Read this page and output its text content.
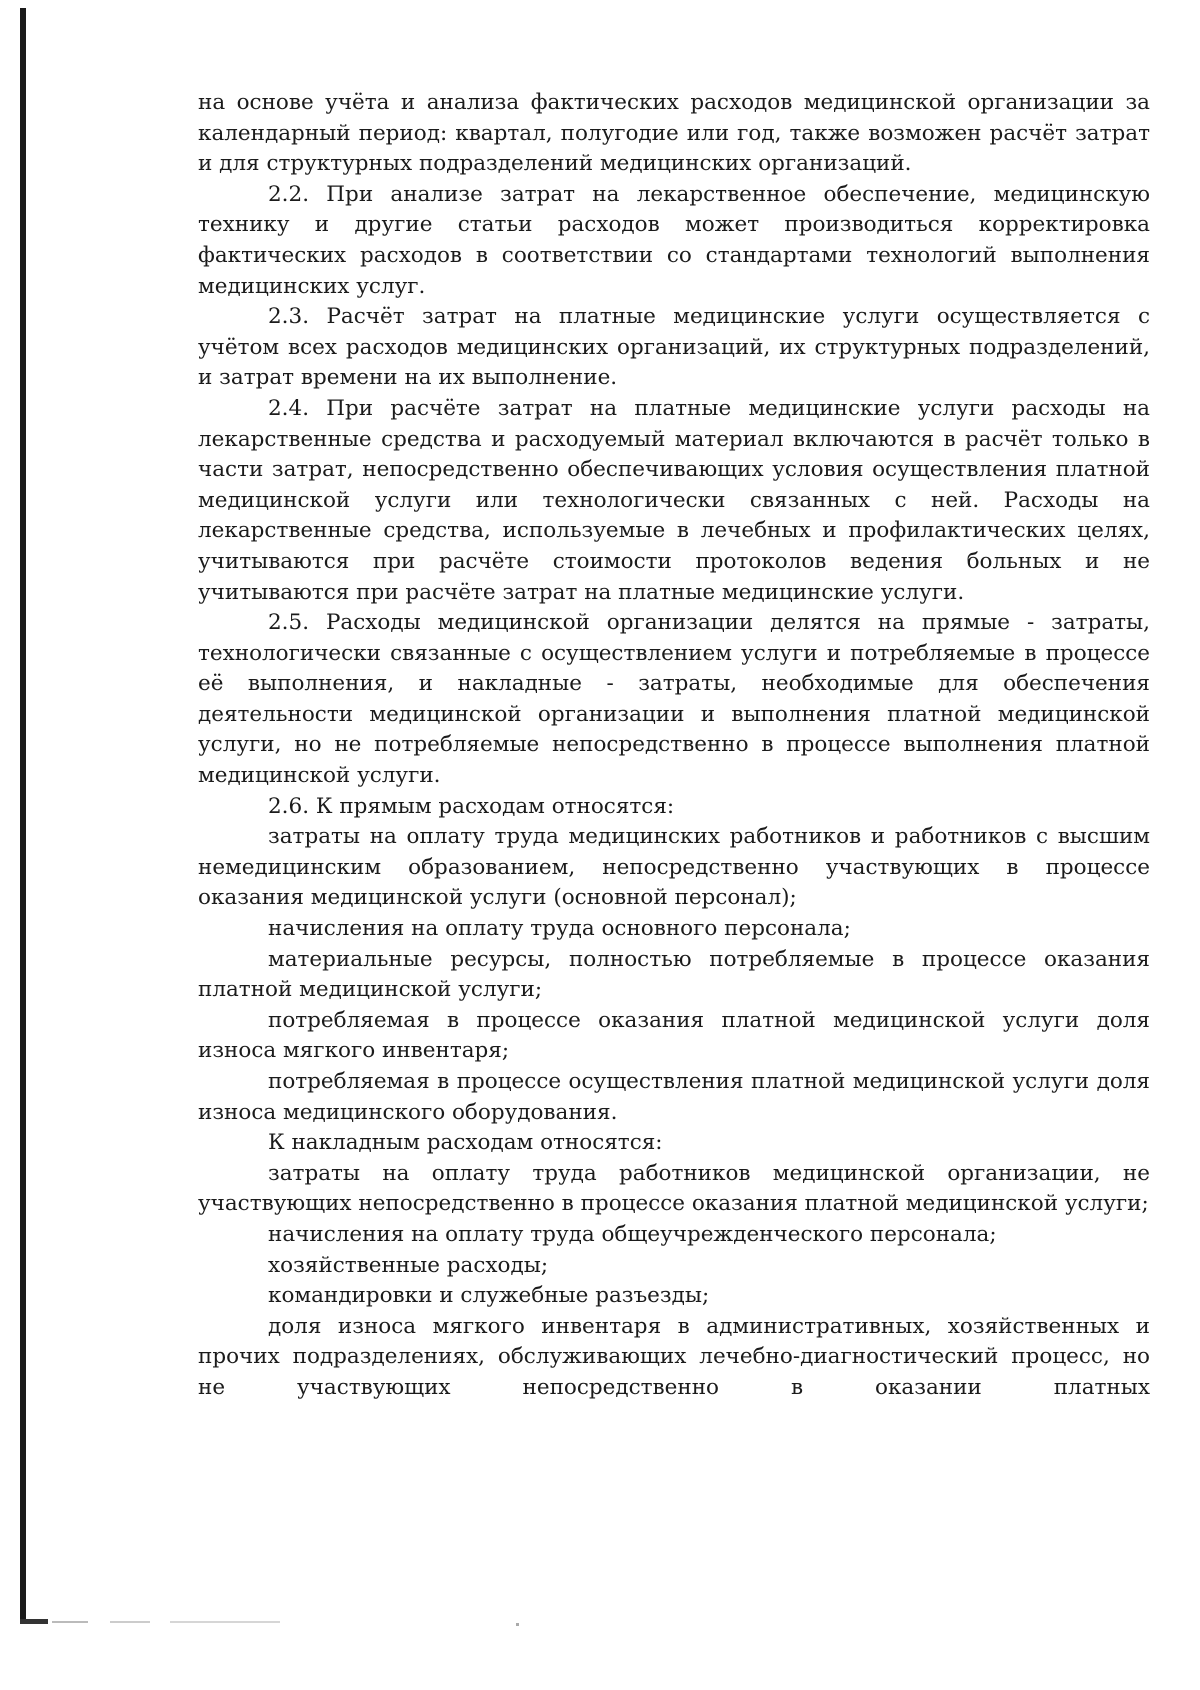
на основе учёта и анализа фактических расходов медицинской организации за календарный период: квартал, полугодие или год, также возможен расчёт затрат и для структурных подразделений медицинских организаций.

2.2. При анализе затрат на лекарственное обеспечение, медицинскую технику и другие статьи расходов может производиться корректировка фактических расходов в соответствии со стандартами технологий выполнения медицинских услуг.

2.3. Расчёт затрат на платные медицинские услуги осуществляется с учётом всех расходов медицинских организаций, их структурных подразделений, и затрат времени на их выполнение.

2.4. При расчёте затрат на платные медицинские услуги расходы на лекарственные средства и расходуемый материал включаются в расчёт только в части затрат, непосредственно обеспечивающих условия осуществления платной медицинской услуги или технологически связанных с ней. Расходы на лекарственные средства, используемые в лечебных и профилактических целях, учитываются при расчёте стоимости протоколов ведения больных и не учитываются при расчёте затрат на платные медицинские услуги.

2.5. Расходы медицинской организации делятся на прямые - затраты, технологически связанные с осуществлением услуги и потребляемые в процессе её выполнения, и накладные - затраты, необходимые для обеспечения деятельности медицинской организации и выполнения платной медицинской услуги, но не потребляемые непосредственно в процессе выполнения платной медицинской услуги.

2.6. К прямым расходам относятся:

затраты на оплату труда медицинских работников и работников с высшим немедицинским образованием, непосредственно участвующих в процессе оказания медицинской услуги (основной персонал);

начисления на оплату труда основного персонала;

материальные ресурсы, полностью потребляемые в процессе оказания платной медицинской услуги;

потребляемая в процессе оказания платной медицинской услуги доля износа мягкого инвентаря;

потребляемая в процессе осуществления платной медицинской услуги доля износа медицинского оборудования.

К накладным расходам относятся:

затраты на оплату труда работников медицинской организации, не участвующих непосредственно в процессе оказания платной медицинской услуги;

начисления на оплату труда общеучрежденческого персонала;

хозяйственные расходы;

командировки и служебные разъезды;

доля износа мягкого инвентаря в административных, хозяйственных и прочих подразделениях, обслуживающих лечебно-диагностический процесс, но не участвующих непосредственно в оказании платных
